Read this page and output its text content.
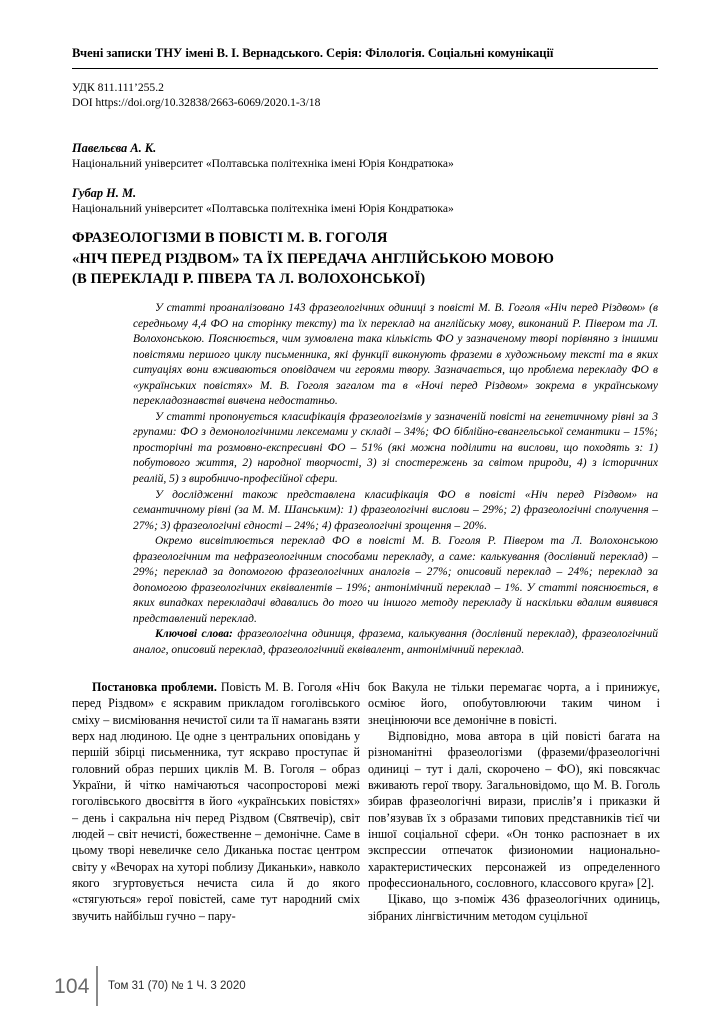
Вчені записки ТНУ імені В. І. Вернадського. Серія: Філологія. Соціальні комунікації
УДК 811.111’255.2
DOI https://doi.org/10.32838/2663-6069/2020.1-3/18
Павельєва А. К.
Національний університет «Полтавська політехніка імені Юрія Кондратюка»
Губар Н. М.
Національний університет «Полтавська політехніка імені Юрія Кондратюка»
ФРАЗЕОЛОГІЗМИ В ПОВІСТІ М. В. ГОГОЛЯ
«НІЧ ПЕРЕД РІЗДВОМ» ТА ЇХ ПЕРЕДАЧА АНГЛІЙСЬКОЮ МОВОЮ
(В ПЕРЕКЛАДІ Р. ПІВЕРА ТА Л. ВОЛОХОНСЬКОЇ)

У статті проаналізовано 143 фразеологічних одиниці з повісті М. В. Гоголя «Ніч перед Різдвом» (в середньому 4,4 ФО на сторінку тексту) та їх переклад на англійську мову, виконаний Р. Півером та Л. Волохонською. Пояснюється, чим зумовлена така кількість ФО у зазначеному творі порівняно з іншими повістями першого циклу письменника, які функції виконують фраземи в художньому тексті та в яких ситуаціях вони вживаються оповідачем чи героями твору. Зазначається, що проблема перекладу ФО в «українських повістях» М. В. Гоголя загалом та в «Ночі перед Різдвом» зокрема в українському перекладознавстві вивчена недостатньо.

У статті пропонується класифікація фразеологізмів у зазначеній повісті на генетичному рівні за 3 групами: ФО з демонологічними лексемами у складі – 34%; ФО біблійно-євангельської семантики – 15%; просторічні та розмовно-експресивні ФО – 51% (які можна поділити на вислови, що походять з: 1) побутового життя, 2) народної творчості, 3) зі спостережень за світом природи, 4) з історичних реалій, 5) з виробничо-професійної сфери.

У дослідженні також представлена класифікація ФО в повісті «Ніч перед Різдвом» на семантичному рівні (за М. М. Шанським): 1) фразеологічні вислови – 29%; 2) фразеологічні сполучення – 27%; 3) фразеологічні єдності – 24%; 4) фразеологічні зрощення – 20%.

Окремо висвітлюється переклад ФО в повісті М. В. Гоголя Р. Півером та Л. Волохонською фразеологічним та нефразеологічним способами перекладу, а саме: калькування (дослівний переклад) – 29%; переклад за допомогою фразеологічних аналогів – 27%; описовий переклад – 24%; переклад за допомогою фразеологічних еквівалентів – 19%; антонімічний переклад – 1%. У статті пояснюється, в яких випадках перекладачі вдавались до того чи іншого методу перекладу й наскільки вдалим виявився представлений переклад.

Ключові слова: фразеологічна одиниця, фразема, калькування (дослівний переклад), фразеологічний аналог, описовий переклад, фразеологічний еквівалент, антонімічний переклад.

Постановка проблеми. Повість М. В. Гоголя «Ніч перед Різдвом» є яскравим прикладом гоголівського сміху – висміювання нечистої сили та її намагань взяти верх над людиною. Це одне з центральних оповідань у першій збірці письменника, тут яскраво проступає й головний образ перших циклів М. В. Гоголя – образ України, й чітко намічаються часопросторові межі гоголівського двосвіття в його «українських повістях» – день і сакральна ніч перед Різдвом (Святвечір), світ людей – світ нечисті, божественне – демонічне. Саме в цьому творі невеличке село Диканька постає центром світу у «Вечорах на хуторі поблизу Диканьки», навколо якого згуртовується нечиста сила й до якого «стягуються» герої повістей, саме тут народний сміх звучить найбільш гучно – пару-

бок Вакула не тільки перемагає чорта, а і принижує, осміює його, опобутовлюючи таким чином і знецінюючи все демонічне в повісті.

Відповідно, мова автора в цій повісті багата на різноманітні фразеологізми (фраземи/фразеологічні одиниці – тут і далі, скорочено – ФО), які повсякчас вживають герої твору. Загальновідомо, що М. В. Гоголь збирав фразеологічні вирази, прислів’я і приказки й пов’язував їх з образами типових представників тієї чи іншої соціальної сфери. «Он тонко распознает в их экспрессии отпечаток физиономии национально-характеристических персонажей из определенного профессионального, сословного, классового круга» [2].

Цікаво, що з-поміж 436 фразеологічних одиниць, зібраних лінгвістичним методом суцільної

104 Том 31 (70) № 1 Ч. 3 2020
